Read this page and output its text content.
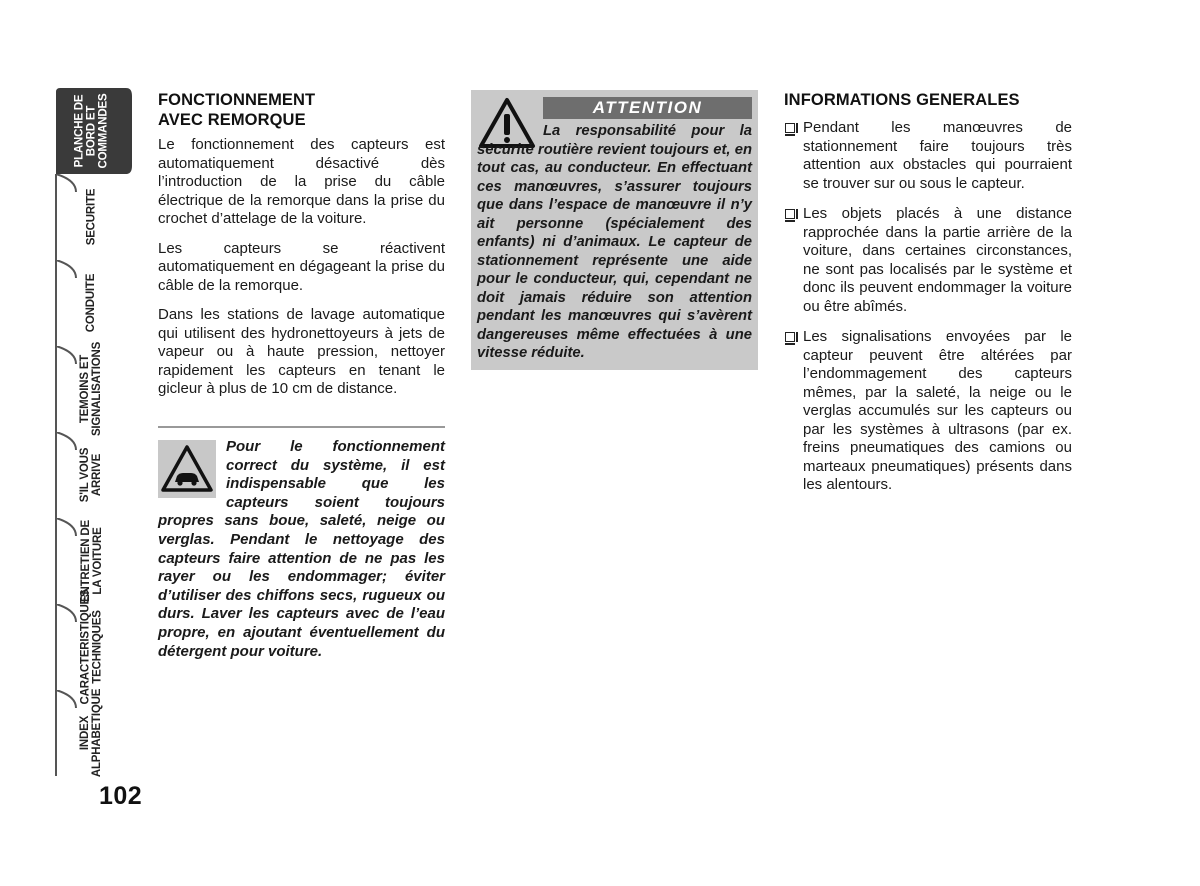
PLANCHE DE
BORD ET
COMMANDES
SECURITE
CONDUITE
TEMOINS ET
SIGNALISATIONS
S'IL VOUS
ARRIVE
ENTRETIEN DE
LA VOITURE
CARACTERISTIQUES
TECHNIQUES
INDEX
ALPHABETIQUE
102
FONCTIONNEMENT
AVEC REMORQUE

Le fonctionnement des capteurs est automatiquement désactivé dès l’introduction de la prise du câble électrique de la remorque dans la prise du crochet d’attelage de la voiture.

Les capteurs se réactivent automatiquement en dégageant la prise du câble de la remorque.

Dans les stations de lavage automatique qui utilisent des hydronettoyeurs à jets de vapeur ou à haute pression, nettoyer rapidement les capteurs en tenant le gicleur à plus de 10 cm de distance.

Pour le fonctionnement correct du système, il est indispensable que les capteurs soient toujours propres sans boue, saleté, neige ou verglas. Pendant le nettoyage des capteurs faire attention de ne pas les rayer ou les endommager; éviter d’utiliser des chiffons secs, rugueux ou durs. Laver les capteurs avec de l’eau propre, en ajoutant éventuellement du détergent pour voiture.
ATTENTION
La responsabilité pour la sécurité routière revient toujours et, en tout cas, au conducteur. En effectuant ces manœuvres, s’assurer toujours que dans l’espace de manœuvre il n’y ait personne (spécialement des enfants) ni d’animaux. Le capteur de stationnement représente une aide pour le conducteur, qui, cependant ne doit jamais réduire son attention pendant les manœuvres qui s’avèrent dangereuses même effectuées à une vitesse réduite.
INFORMATIONS GENERALES
Pendant les manœuvres de stationnement faire toujours très attention aux obstacles qui pourraient se trouver sur ou sous le capteur.
Les objets placés à une distance rapprochée dans la partie arrière de la voiture, dans certaines circonstances, ne sont pas localisés par le système et donc ils peuvent endommager la voiture ou être abîmés.
Les signalisations envoyées par le capteur peuvent être altérées par l’endommagement des capteurs mêmes, par la saleté, la neige ou le verglas accumulés sur les capteurs ou par les systèmes à ultrasons (par ex. freins pneumatiques des camions ou marteaux pneumatiques) présents dans les alentours.
